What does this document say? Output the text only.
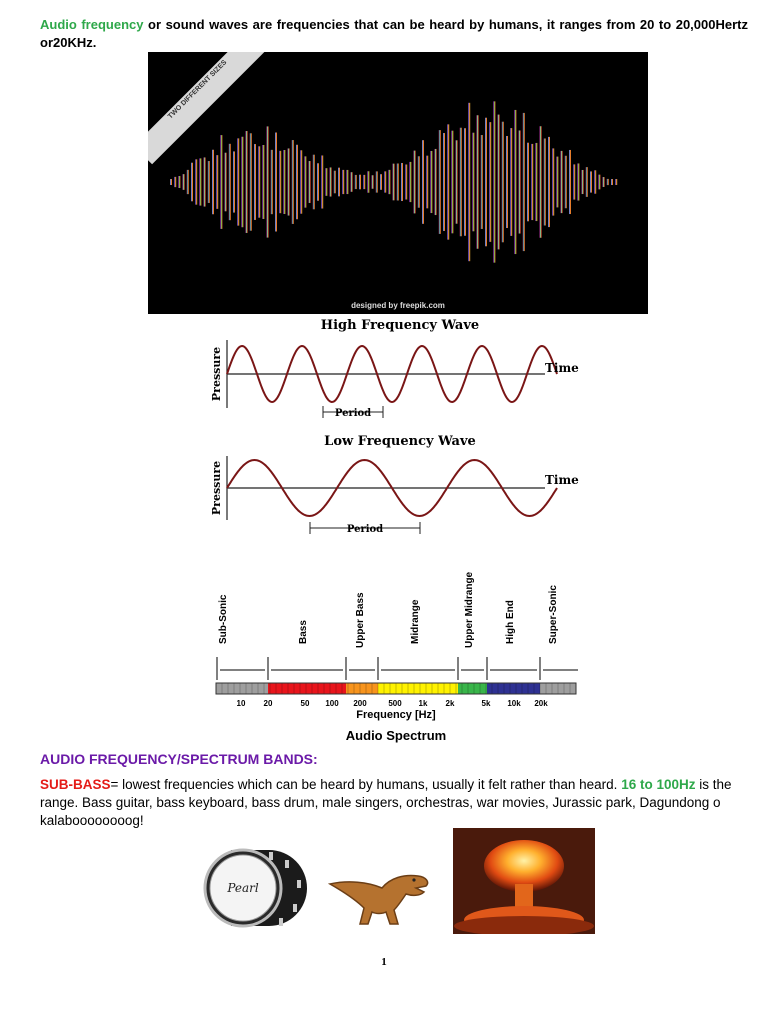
Audio frequency or sound waves are frequencies that can be heard by humans, it ranges from 20 to 20,000Hertz or20KHz.

TWO DIFFERENT SIZES
designed by freepik.com
High Frequency Wave
Pressure	Time
Period
Low Frequency Wave
Pressure	Time
Period
Sub-Sonic	Bass	Upper Bass	Midrange	Upper Midrange	High End	Super-Sonic
10 20	50 100 200	500 1k 2k	5k 10k 20k
Frequency [Hz]
Audio Spectrum
AUDIO FREQUENCY/SPECTRUM BANDS:

SUB-BASS= lowest frequencies which can be heard by humans, usually it felt rather than heard. 16 to 100Hz is the range. Bass guitar, bass keyboard, bass drum, male singers, orchestras, war movies, Jurassic park, Dagundong o kalaboooooooog!

Pearl
1
